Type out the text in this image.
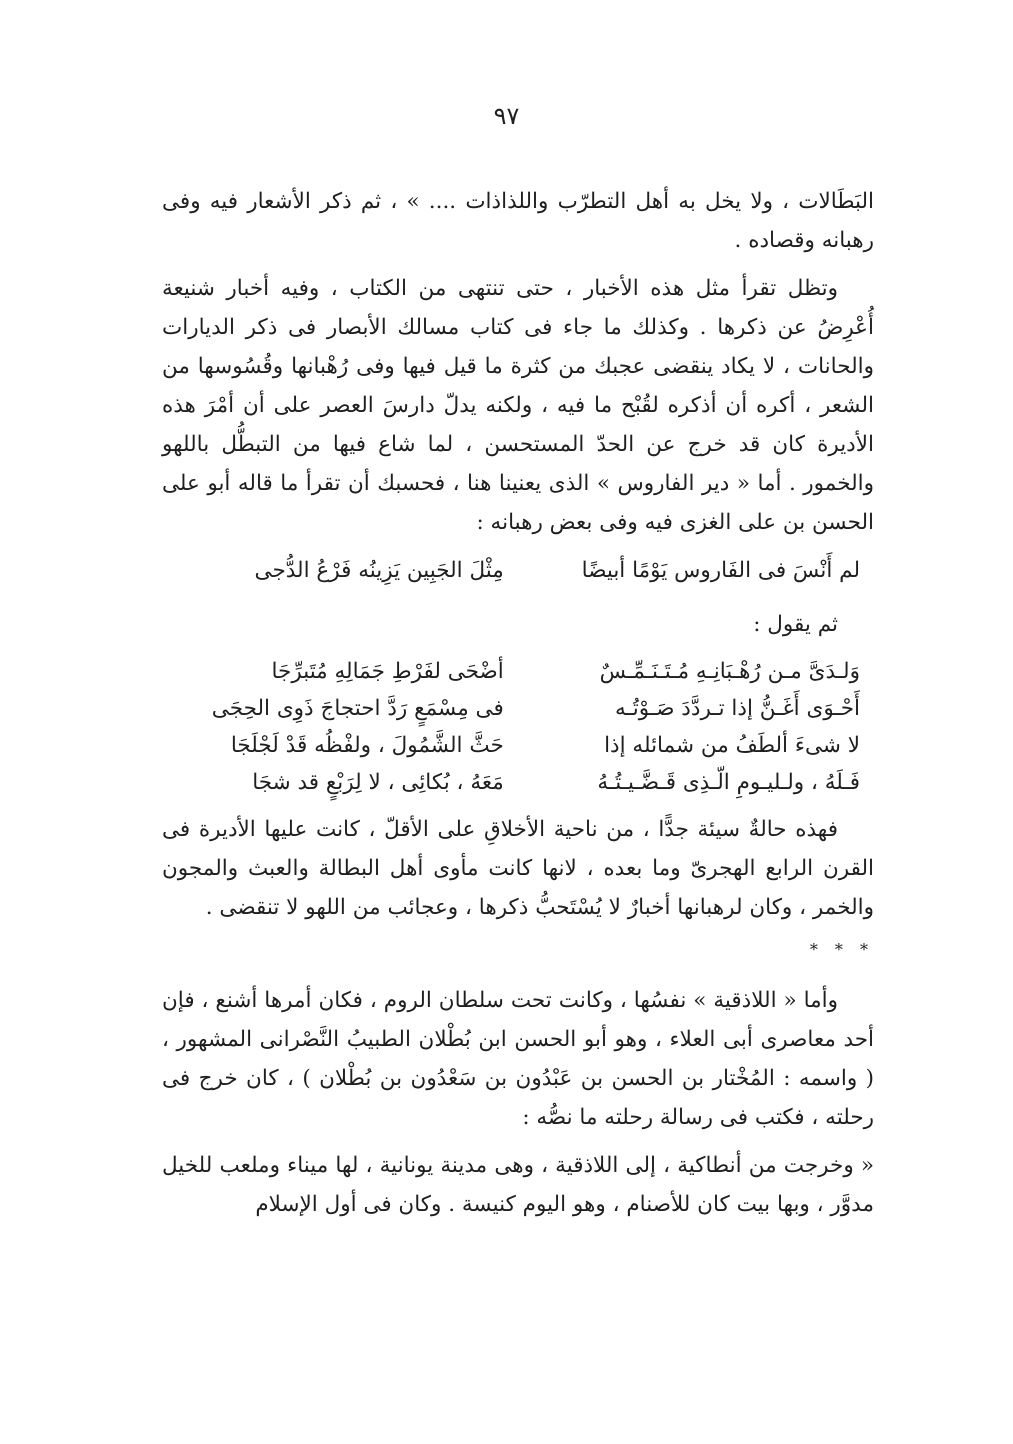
٩٧

البَطَالات ، ولا يخل به أهل التطرّب واللذاذات .... » ، ثم ذكر الأشعار فيه وفى رهبانه وقصاده .

وتظل تقرأ مثل هذه الأخبار ، حتى تنتهى من الكتاب ، وفيه أخبار شنيعة أُعْرِضُ عن ذكرها . وكذلك ما جاء فى كتاب مسالك الأبصار فى ذكر الديارات والحانات ، لا يكاد ينقضى عجبك من كثرة ما قيل فيها وفى رُهْبانها وقُسُوسها من الشعر ، أكره أن أذكره لقُبْح ما فيه ، ولكنه يدلّ دارسَ العصر على أن أمْرَ هذه الأديرة كان قد خرج عن الحدّ المستحسن ، لما شاع فيها من التبطُّل باللهو والخمور . أما « دير الفاروس » الذى يعنينا هنا ، فحسبك أن تقرأ ما قاله أبو على الحسن بن على الغزى فيه وفى بعض رهبانه :

لم أَنْسَ فى الفَاروس يَوْمًا أبيضًا
مِثْلَ الجَبِين يَزِينُه فَرْعُ الدُّجى

ثم يقول :

وَلـدَىَّ مـن رُهْـبَانِـهِ مُـتَـنَـمِّـسٌ
أضْحَى لفَرْطِ جَمَالِهِ مُتَبرِّجَا
أَحْـوَى أَغَـنُّ إذا تـردَّدَ صَـوْتُـه
فى مِسْمَعٍ رَدَّ احتجاجَ ذَوِى الحِجَى
لا شىءَ ألطَفُ من شمائله إذا
حَثَّ الشَّمُولَ ، ولفْظُه قَدْ لَجْلَجَا
فَـلَهُ ، ولـليـومِ الّـذِى قَـضَّـيـتُـهُ
مَعَهُ ، بُكائِى ، لا لِرَبْعٍ قد شجَا

فهذه حالةٌ سيئة جدًّا ، من ناحية الأخلاقِ على الأقلّ ، كانت عليها الأديرة فى القرن الرابع الهجرىّ وما بعده ، لانها كانت مأوى أهل البطالة والعبث والمجون والخمر ، وكان لرهبانها أخبارٌ لا يُسْتَحبُّ ذكرها ، وعجائب من اللهو لا تنقضى .

* * *

وأما « اللاذقية » نفسُها ، وكانت تحت سلطان الروم ، فكان أمرها أشنع ، فإن أحد معاصرى أبى العلاء ، وهو أبو الحسن ابن بُطْلان الطبيبُ النَّصْرانى المشهور ، ( واسمه : المُخْتار بن الحسن بن عَبْدُون بن سَعْدُون بن بُطْلان ) ، كان خرج فى رحلته ، فكتب فى رسالة رحلته ما نصُّه :

« وخرجت من أنطاكية ، إلى اللاذقية ، وهى مدينة يونانية ، لها ميناء وملعب للخيل مدوَّر ، وبها بيت كان للأصنام ، وهو اليوم كنيسة . وكان فى أول الإسلام
